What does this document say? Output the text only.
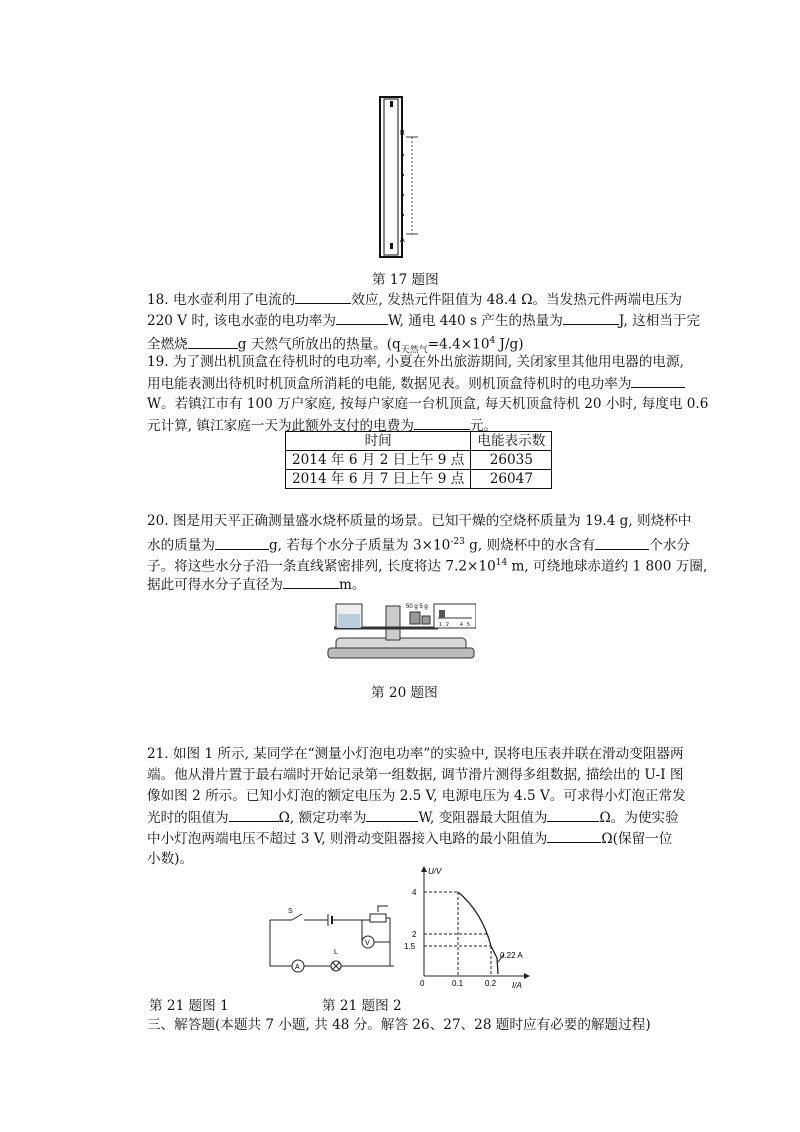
B
A
第 17 题图
18. 电水壶利用了电流的	效应, 发热元件阻值为 48.4 Ω。当发热元件两端电压为
220 V 时, 该电水壶的电功率为	W, 通电 440 s 产生的热量为	J, 这相当于完
全燃烧	g 天然气所放出的热量。($q_{天然气}=4.4\times 10^4$ J/g)
19. 为了测出机顶盒在待机时的电功率, 小夏在外出旅游期间, 关闭家里其他用电器的电源,
用电能表测出待机时机顶盒所消耗的电能, 数据见表。则机顶盒待机时的电功率为
W。若镇江市有 100 万户家庭, 按每户家庭一台机顶盒, 每天机顶盒待机 20 小时, 每度电 0.6
元计算, 镇江家庭一天为此额外支付的电费为	元。
时间	电能表示数
2014 年 6 月 2 日上午 9 点	26035
2014 年 6 月 7 日上午 9 点	26047
20. 图是用天平正确测量盛水烧杯质量的场景。已知干燥的空烧杯质量为 19.4 g, 则烧杯中
水的质量为	g, 若每个水分子质量为 $3\times 10^{-23}$ g, 则烧杯中的水含有	个水分
子。将这些水分子沿一条直线紧密排列, 长度将达 $7.2\times 10^{14}$ m, 可绕地球赤道约 1 800 万圈,
据此可得水分子直径为	m。
50 g 5 g
1 2 4 5
第 20 题图
21. 如图 1 所示, 某同学在“测量小灯泡电功率”的实验中, 误将电压表并联在滑动变阻器两
端。他从滑片置于最右端时开始记录第一组数据, 调节滑片测得多组数据, 描绘出的 U-I 图
像如图 2 所示。已知小灯泡的额定电压为 2.5 V, 电源电压为 4.5 V。可求得小灯泡正常发
光时的阻值为	Ω, 额定功率为	W, 变阻器最大阻值为	Ω。为使实验
中小灯泡两端电压不超过 3 V, 则滑动变阻器接入电路的最小阻值为	Ω(保留一位
小数)。
V
A
S
L
U/V
I/A
4
2
1.5
0	0.1	0.2
0.22 A
第 21 题图 1	第 21 题图 2
三、解答题(本题共 7 小题, 共 48 分。解答 26、27、28 题时应有必要的解题过程)
